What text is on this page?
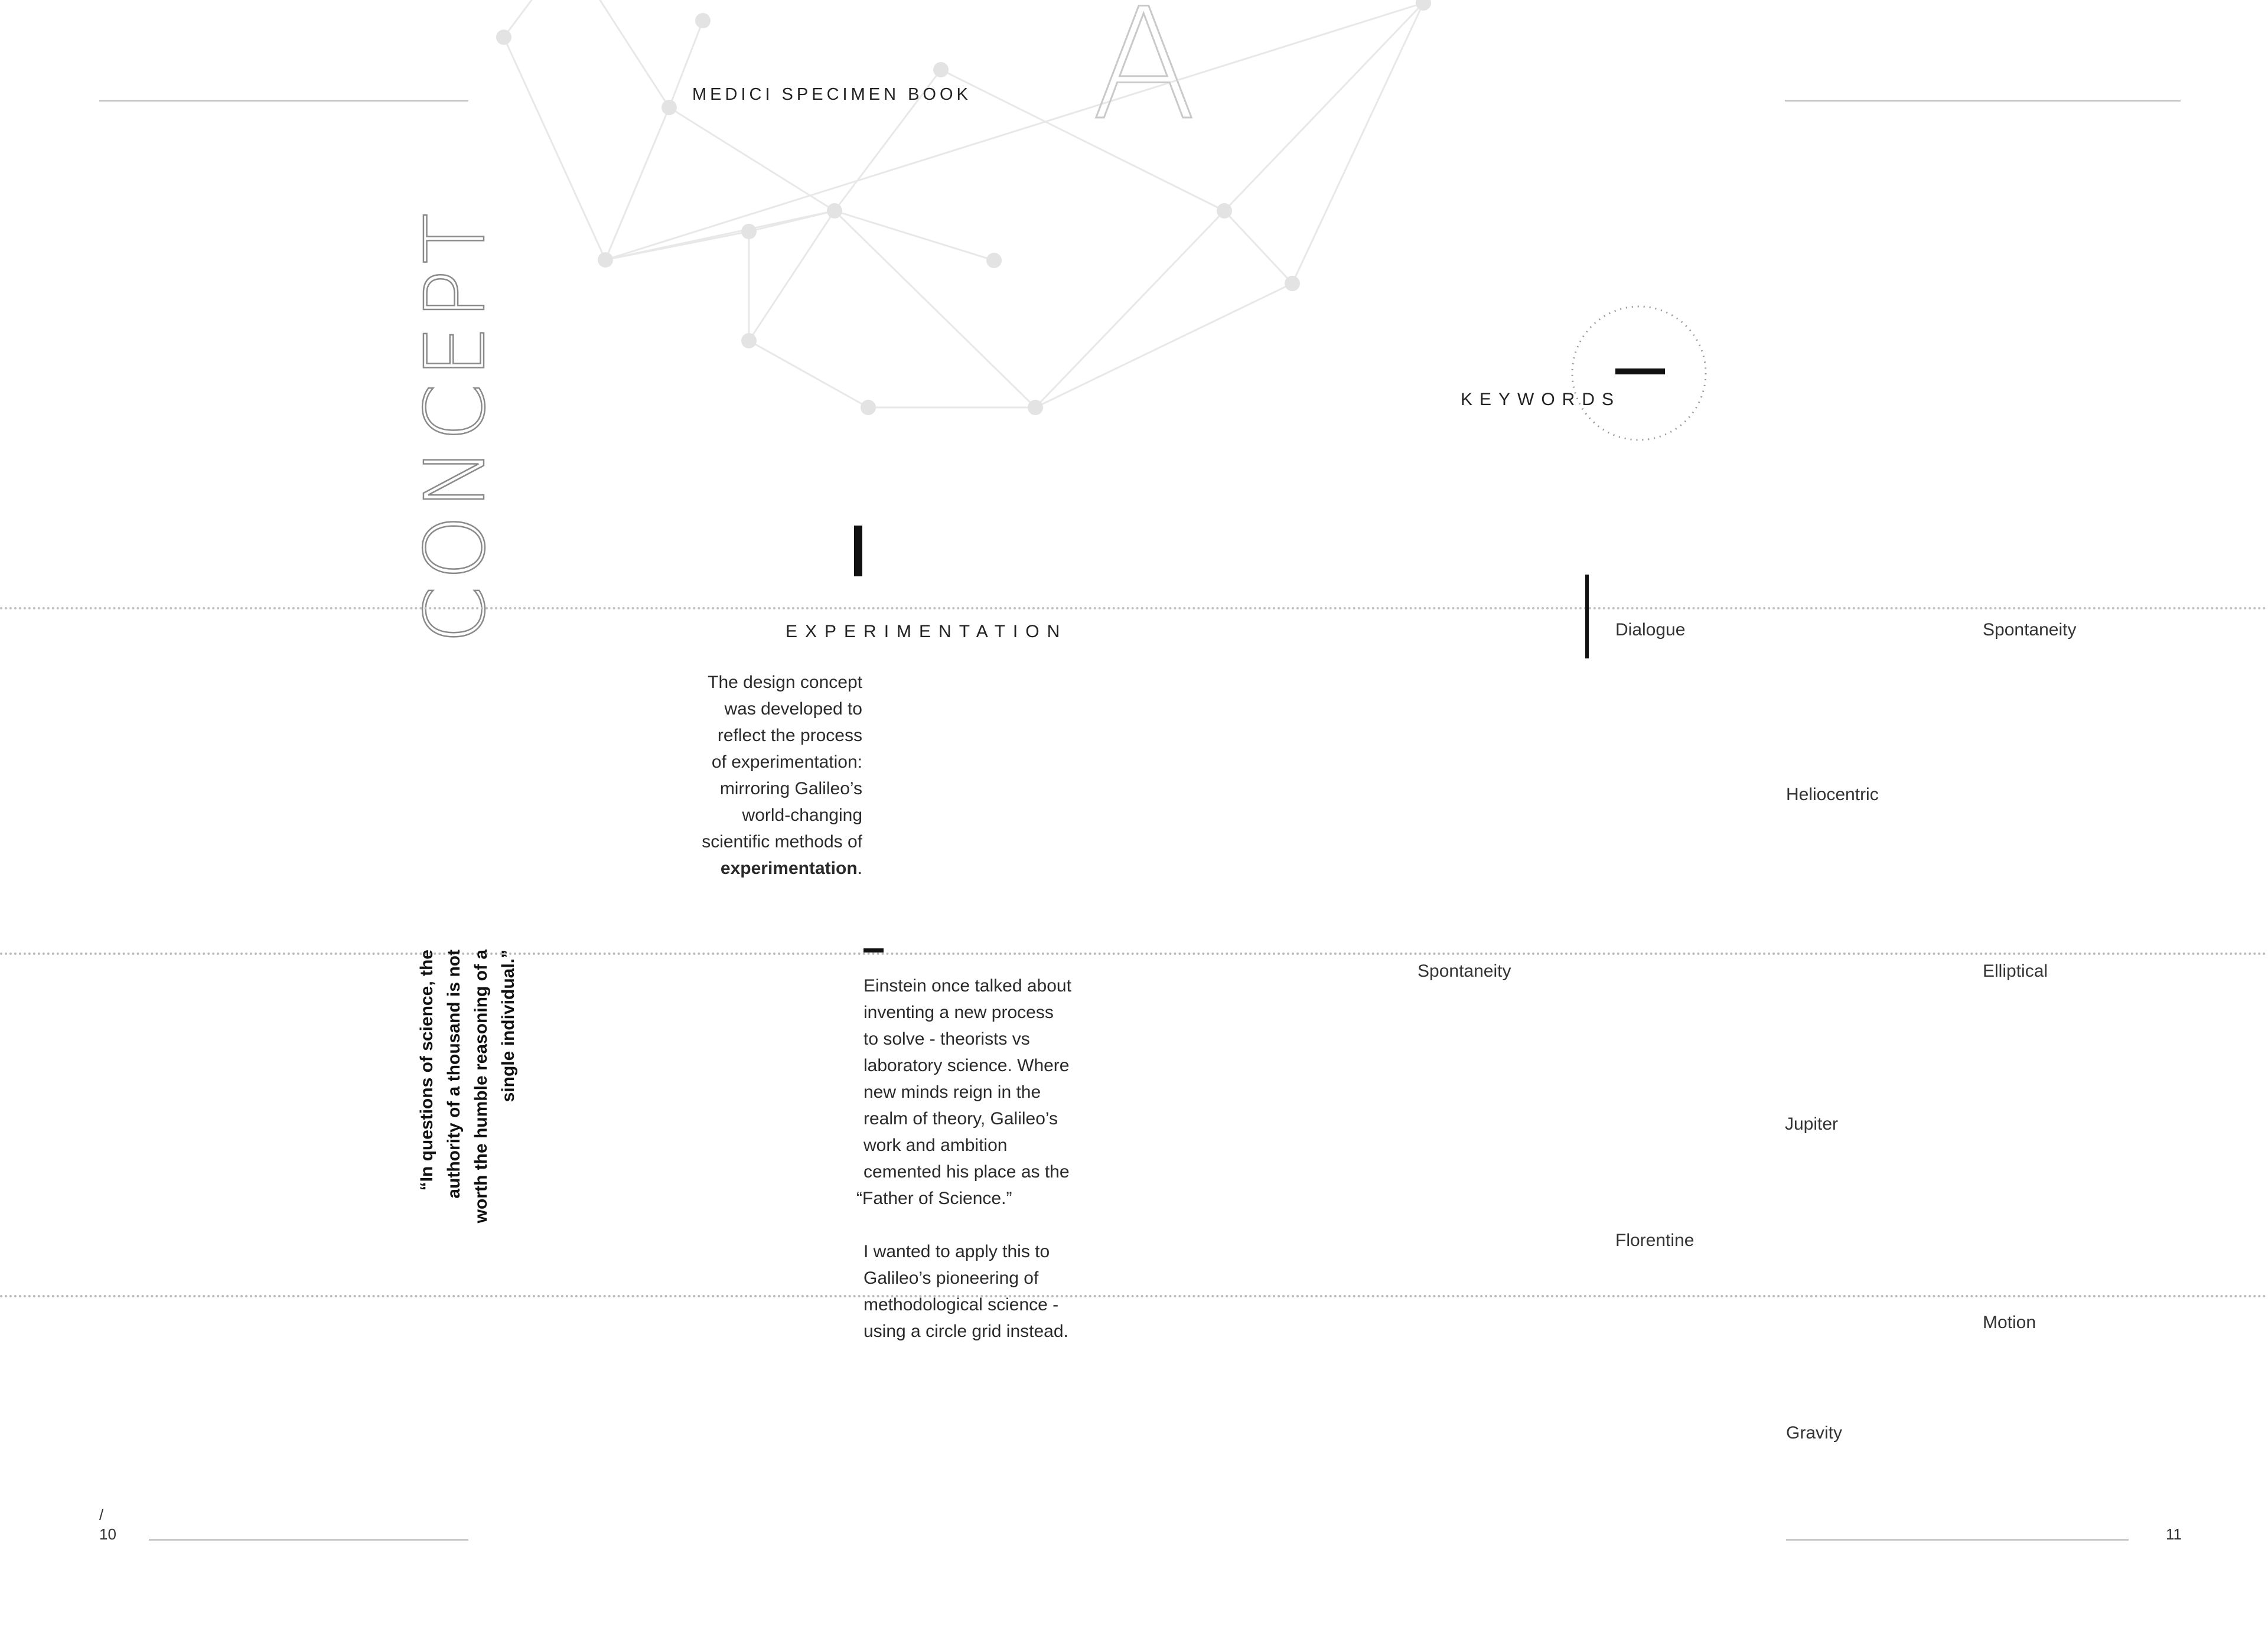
A
MEDICI SPECIMEN BOOK
CONCEPT	EXPERIMENTATION
The design concept
was developed to
reflect the process
of experimentation:
mirroring Galileo’s
world-changing
scientific methods of
experimentation.
Einstein once talked about
inventing a new process
to solve - theorists vs
laboratory science. Where
new minds reign in the
realm of theory, Galileo’s
work and ambition
cemented his place as the
“Father of Science.”
I wanted to apply this to
Galileo’s pioneering of
methodological science -
using a circle grid instead.
“In questions of science, the authority of a thousand is not worth the humble reasoning of a single individual.”
KEYWORDS
Dialogue	Spontaneity
Heliocentric
Spontaneity	Elliptical
Jupiter
Florentine
Motion
Gravity
/
10	11
